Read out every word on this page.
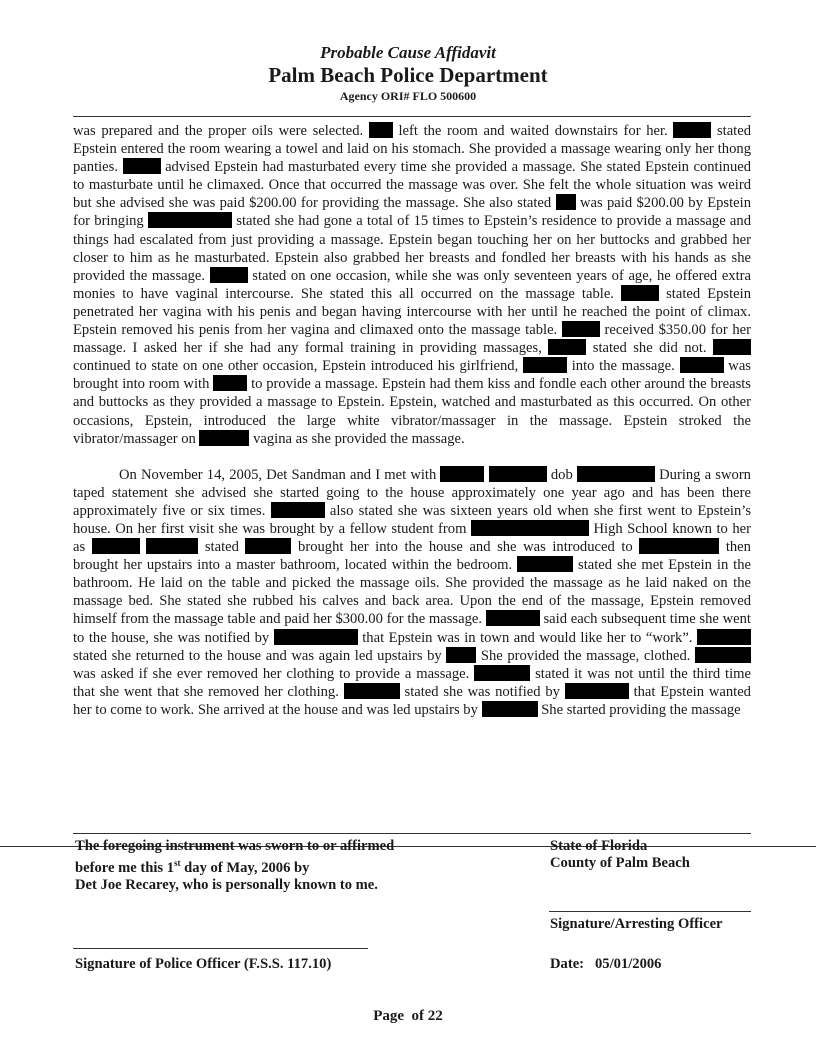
Probable Cause Affidavit
Palm Beach Police Department
Agency ORI# FLO 500600

was prepared and the proper oils were selected. left the room and waited downstairs for her.	stated Epstein entered the room wearing a towel and laid on his stomach. She provided a massage wearing only her thong panties.	advised Epstein had masturbated every time she provided a massage. She stated Epstein continued to masturbate until he climaxed. Once that occurred the massage was over. She felt the whole situation was weird but she advised she was paid $200.00 for providing the massage. She also stated was paid $200.00 by Epstein for bringing	stated she had gone a total of 15 times to Epstein’s residence to provide a massage and things had escalated from just providing a massage. Epstein began touching her on her buttocks and grabbed her closer to him as he masturbated. Epstein also grabbed her breasts and fondled her breasts with his hands as she provided the massage.	stated on one occasion, while she was only seventeen years of age, he offered extra monies to have vaginal intercourse. She stated this all occurred on the massage table.	stated Epstein penetrated her vagina with his penis and began having intercourse with her until he reached the point of climax. Epstein removed his penis from her vagina and climaxed onto the massage table.	received $350.00 for her massage. I asked her if she had any formal training in providing massages,	stated she did not.  continued to state on one other occasion, Epstein introduced his girlfriend,	into the massage.	was brought into room with	to provide a massage. Epstein had them kiss and fondle each other around the breasts and buttocks as they provided a massage to Epstein. Epstein, watched and masturbated as this occurred. On other occasions, Epstein, introduced the large white vibrator/massager in the massage. Epstein stroked the vibrator/massager on	vagina as she provided the massage.

On November 14, 2005, Det Sandman and I met with	dob	During a sworn taped statement she advised she started going to the house approximately one year ago and has been there approximately five or six times.	also stated she was sixteen years old when she first went to Epstein’s house. On her first visit she was brought by a fellow student from	High School known to her as	stated	brought her into the house and she was introduced to	then brought her upstairs into a master bathroom, located within the bedroom.	stated she met Epstein in the bathroom. He laid on the table and picked the massage oils. She provided the massage as he laid naked on the massage bed. She stated she rubbed his calves and back area. Upon the end of the massage, Epstein removed himself from the massage table and paid her $300.00 for the massage.	said each subsequent time she went to the house, she was notified by	that Epstein was in town and would like her to “work”.  stated she returned to the house and was again led upstairs by	She provided the massage, clothed.  was asked if she ever removed her clothing to provide a massage.	stated it was not until the third time that she went that she removed her clothing.	stated she was notified by	that Epstein wanted her to come to work. She arrived at the house and was led upstairs by	She started providing the massage

The foregoing instrument was sworn to or affirmed
before me this 1st day of May, 2006 by
Det Joe Recarey, who is personally known to me.
State of Florida
County of Palm Beach
Signature/Arresting Officer
Signature of Police Officer (F.S.S. 117.10)	Date: 05/01/2006
Page of 22
